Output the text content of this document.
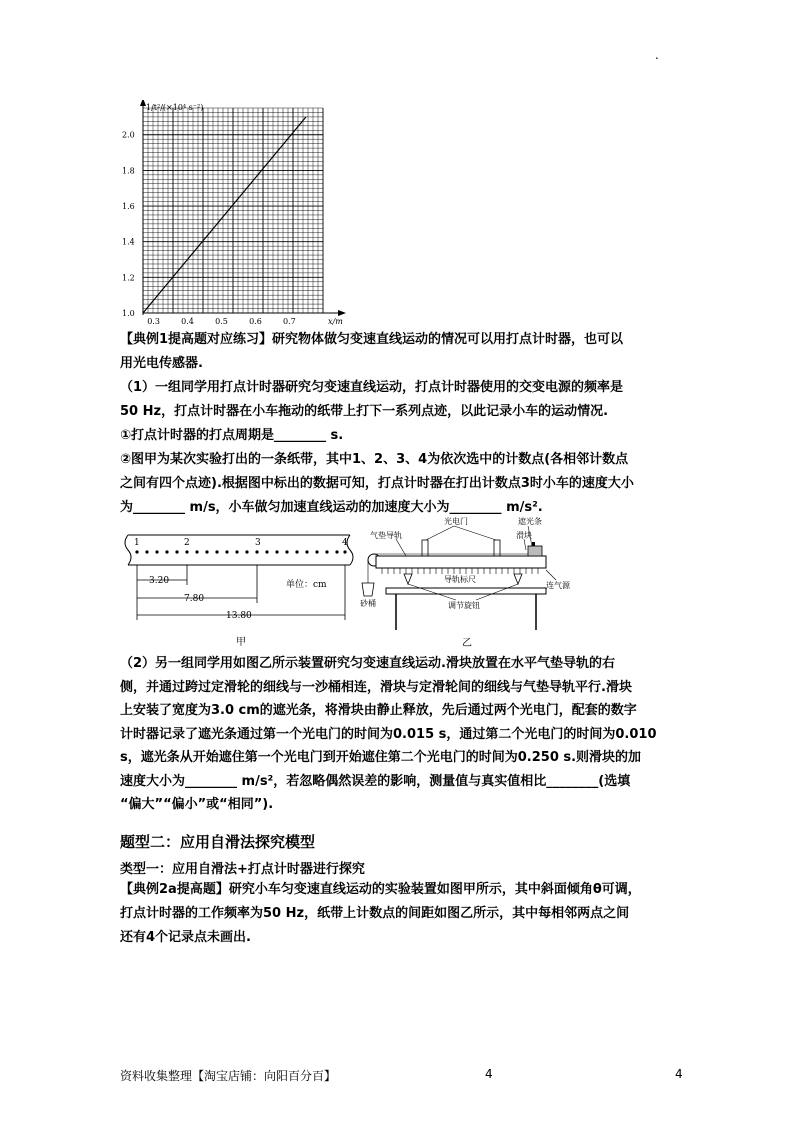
.
2.0
1.8
1.6
1.4
1.2
1.0
0.3	0.4	0.5	0.6	0.7
1/t²/(×10⁴ s⁻²)
x/m
【典例1提高题对应练习】研究物体做匀变速直线运动的情况可以用打点计时器，也可以
用光电传感器.
（1）一组同学用打点计时器研究匀变速直线运动，打点计时器使用的交变电源的频率是
50 Hz，打点计时器在小车拖动的纸带上打下一系列点迹，以此记录小车的运动情况.
①打点计时器的打点周期是________ s.
②图甲为某次实验打出的一条纸带，其中1、2、3、4为依次选中的计数点(各相邻计数点
之间有四个点迹).根据图中标出的数据可知，打点计时器在打出计数点3时小车的速度大小
为________ m/s，小车做匀加速直线运动的加速度大小为________ m/s².
1	2	3	4
3.20
7.80
13.80
单位：cm
甲
气垫导轨
光电门	遮光条
滑块
砂桶
导轨标尺
连气源
调节旋钮
乙
（2）另一组同学用如图乙所示装置研究匀变速直线运动.滑块放置在水平气垫导轨的右
侧，并通过跨过定滑轮的细线与一沙桶相连，滑块与定滑轮间的细线与气垫导轨平行.滑块
上安装了宽度为3.0 cm的遮光条，将滑块由静止释放，先后通过两个光电门，配套的数字
计时器记录了遮光条通过第一个光电门的时间为0.015 s，通过第二个光电门的时间为0.010
s，遮光条从开始遮住第一个光电门到开始遮住第二个光电门的时间为0.250 s.则滑块的加
速度大小为________ m/s²，若忽略偶然误差的影响，测量值与真实值相比________(选填
“偏大”“偏小”或“相同”).
题型二：应用自滑法探究模型
类型一：应用自滑法+打点计时器进行探究
【典例2a提高题】研究小车匀变速直线运动的实验装置如图甲所示，其中斜面倾角θ可调，
打点计时器的工作频率为50 Hz，纸带上计数点的间距如图乙所示，其中每相邻两点之间
还有4个记录点未画出.
资料收集整理【淘宝店铺：向阳百分百】	4	4
